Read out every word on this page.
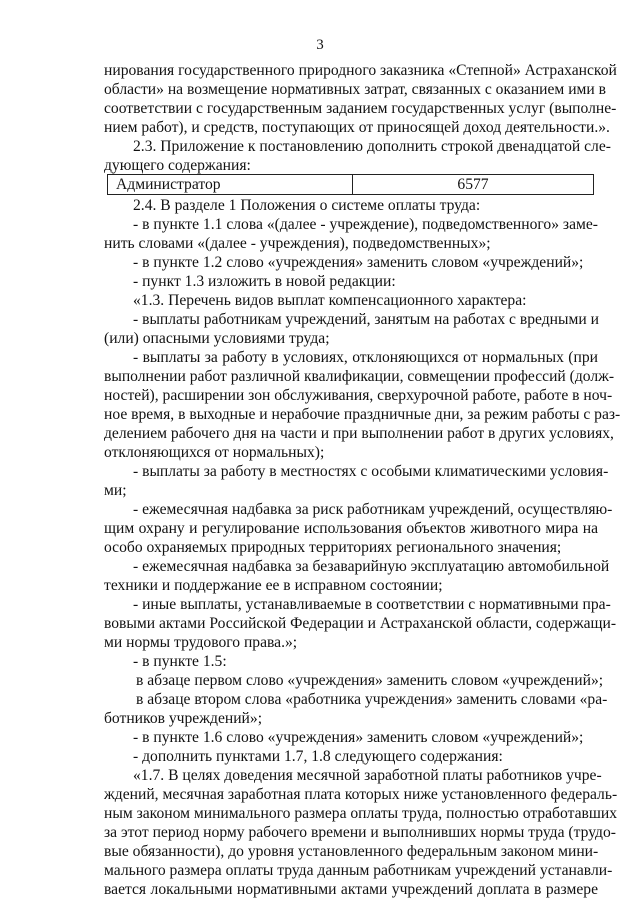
3
нирования государственного природного заказника «Степной» Астраханской
области» на возмещение нормативных затрат, связанных с оказанием ими в
соответствии с государственным заданием государственных услуг (выполне-
нием работ), и средств, поступающих от приносящей доход деятельности.».
2.3. Приложение к постановлению дополнить строкой двенадцатой сле-
дующего содержания:
Администратор	6577
2.4. В разделе 1 Положения о системе оплаты труда:
- в пункте 1.1 слова «(далее - учреждение), подведомственного» заме-
нить словами «(далее - учреждения), подведомственных»;
- в пункте 1.2 слово «учреждения» заменить словом «учреждений»;
- пункт 1.3 изложить в новой редакции:
«1.3. Перечень видов выплат компенсационного характера:
- выплаты работникам учреждений, занятым на работах с вредными и
(или) опасными условиями труда;
- выплаты за работу в условиях, отклоняющихся от нормальных (при
выполнении работ различной квалификации, совмещении профессий (долж-
ностей), расширении зон обслуживания, сверхурочной работе, работе в ноч-
ное время, в выходные и нерабочие праздничные дни, за режим работы с раз-
делением рабочего дня на части и при выполнении работ в других условиях,
отклоняющихся от нормальных);
- выплаты за работу в местностях с особыми климатическими условия-
ми;
- ежемесячная надбавка за риск работникам учреждений, осуществляю-
щим охрану и регулирование использования объектов животного мира на
особо охраняемых природных территориях регионального значения;
- ежемесячная надбавка за безаварийную эксплуатацию автомобильной
техники и поддержание ее в исправном состоянии;
- иные выплаты, устанавливаемые в соответствии с нормативными пра-
вовыми актами Российской Федерации и Астраханской области, содержащи-
ми нормы трудового права.»;
- в пункте 1.5:
в абзаце первом слово «учреждения» заменить словом «учреждений»;
в абзаце втором слова «работника учреждения» заменить словами «ра-
ботников учреждений»;
- в пункте 1.6 слово «учреждения» заменить словом «учреждений»;
- дополнить пунктами 1.7, 1.8 следующего содержания:
«1.7. В целях доведения месячной заработной платы работников учре-
ждений, месячная заработная плата которых ниже установленного федераль-
ным законом минимального размера оплаты труда, полностью отработавших
за этот период норму рабочего времени и выполнивших нормы труда (трудо-
вые обязанности), до уровня установленного федеральным законом мини-
мального размера оплаты труда данным работникам учреждений устанавли-
вается локальными нормативными актами учреждений доплата в размере
